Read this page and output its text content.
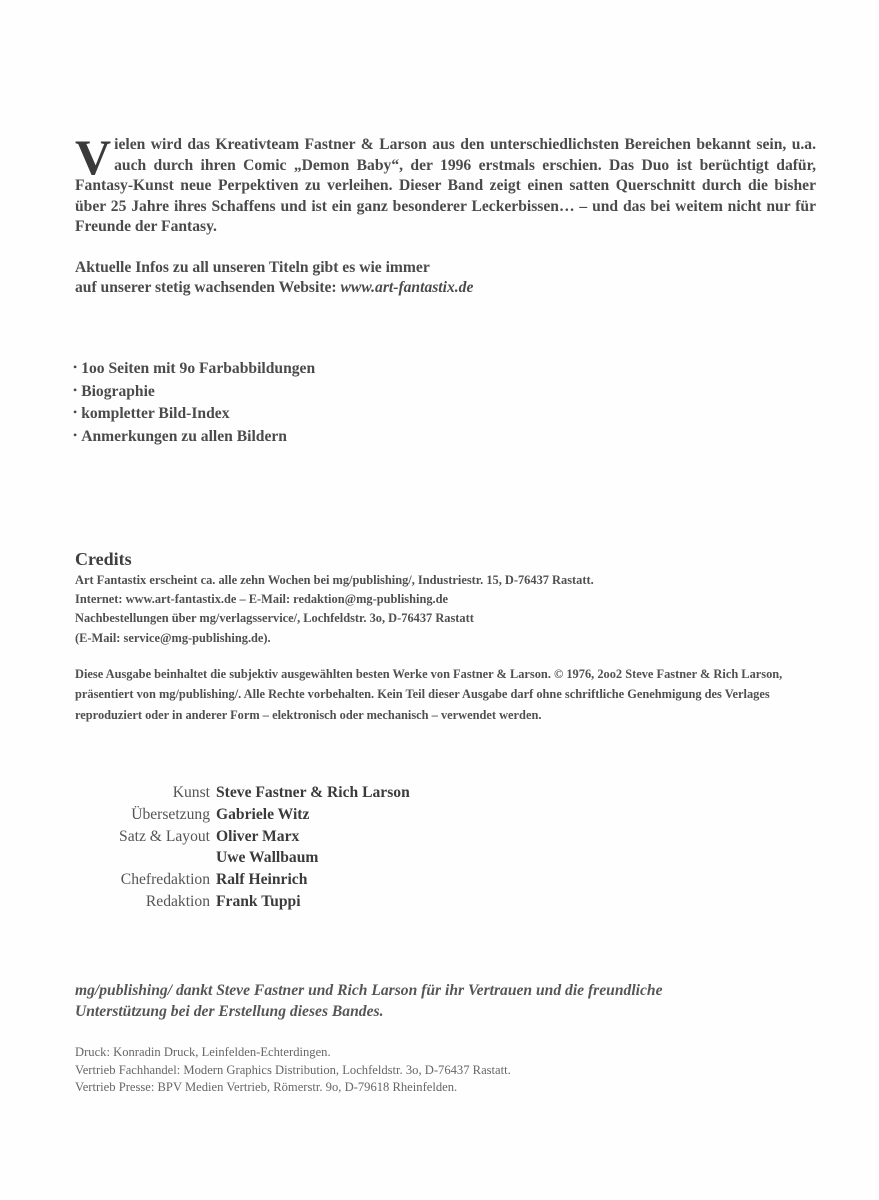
Vielen wird das Kreativteam Fastner & Larson aus den unterschiedlichsten Bereichen bekannt sein, u.a. auch durch ihren Comic „Demon Baby“, der 1996 erstmals erschien. Das Duo ist berüchtigt dafür, Fantasy-Kunst neue Perpektiven zu verleihen. Dieser Band zeigt einen satten Querschnitt durch die bisher über 25 Jahre ihres Schaffens und ist ein ganz besonderer Leckerbissen… – und das bei weitem nicht nur für Freunde der Fantasy.
Aktuelle Infos zu all unseren Titeln gibt es wie immer
auf unserer stetig wachsenden Website: www.art-fantastix.de
• 1oo Seiten mit 9o Farbabbildungen
• Biographie
• kompletter Bild-Index
• Anmerkungen zu allen Bildern
Credits
Art Fantastix erscheint ca. alle zehn Wochen bei mg/publishing/, Industriestr. 15, D-76437 Rastatt.
Internet: www.art-fantastix.de – E-Mail: redaktion@mg-publishing.de
Nachbestellungen über mg/verlagsservice/, Lochfeldstr. 3o, D-76437 Rastatt
(E-Mail: service@mg-publishing.de).
Diese Ausgabe beinhaltet die subjektiv ausgewählten besten Werke von Fastner & Larson. © 1976, 2oo2 Steve Fastner & Rich Larson, präsentiert von mg/publishing/. Alle Rechte vorbehalten. Kein Teil dieser Ausgabe darf ohne schriftliche Genehmigung des Verlages reproduziert oder in anderer Form – elektronisch oder mechanisch – verwendet werden.
Kunst	Steve Fastner & Rich Larson
Übersetzung	Gabriele Witz
Satz & Layout	Oliver Marx
	Uwe Wallbaum
Chefredaktion	Ralf Heinrich
Redaktion	Frank Tuppi
mg/publishing/ dankt Steve Fastner und Rich Larson für ihr Vertrauen und die freundliche
Unterstützung bei der Erstellung dieses Bandes.
Druck: Konradin Druck, Leinfelden-Echterdingen.
Vertrieb Fachhandel: Modern Graphics Distribution, Lochfeldstr. 3o, D-76437 Rastatt.
Vertrieb Presse: BPV Medien Vertrieb, Römerstr. 9o, D-79618 Rheinfelden.
